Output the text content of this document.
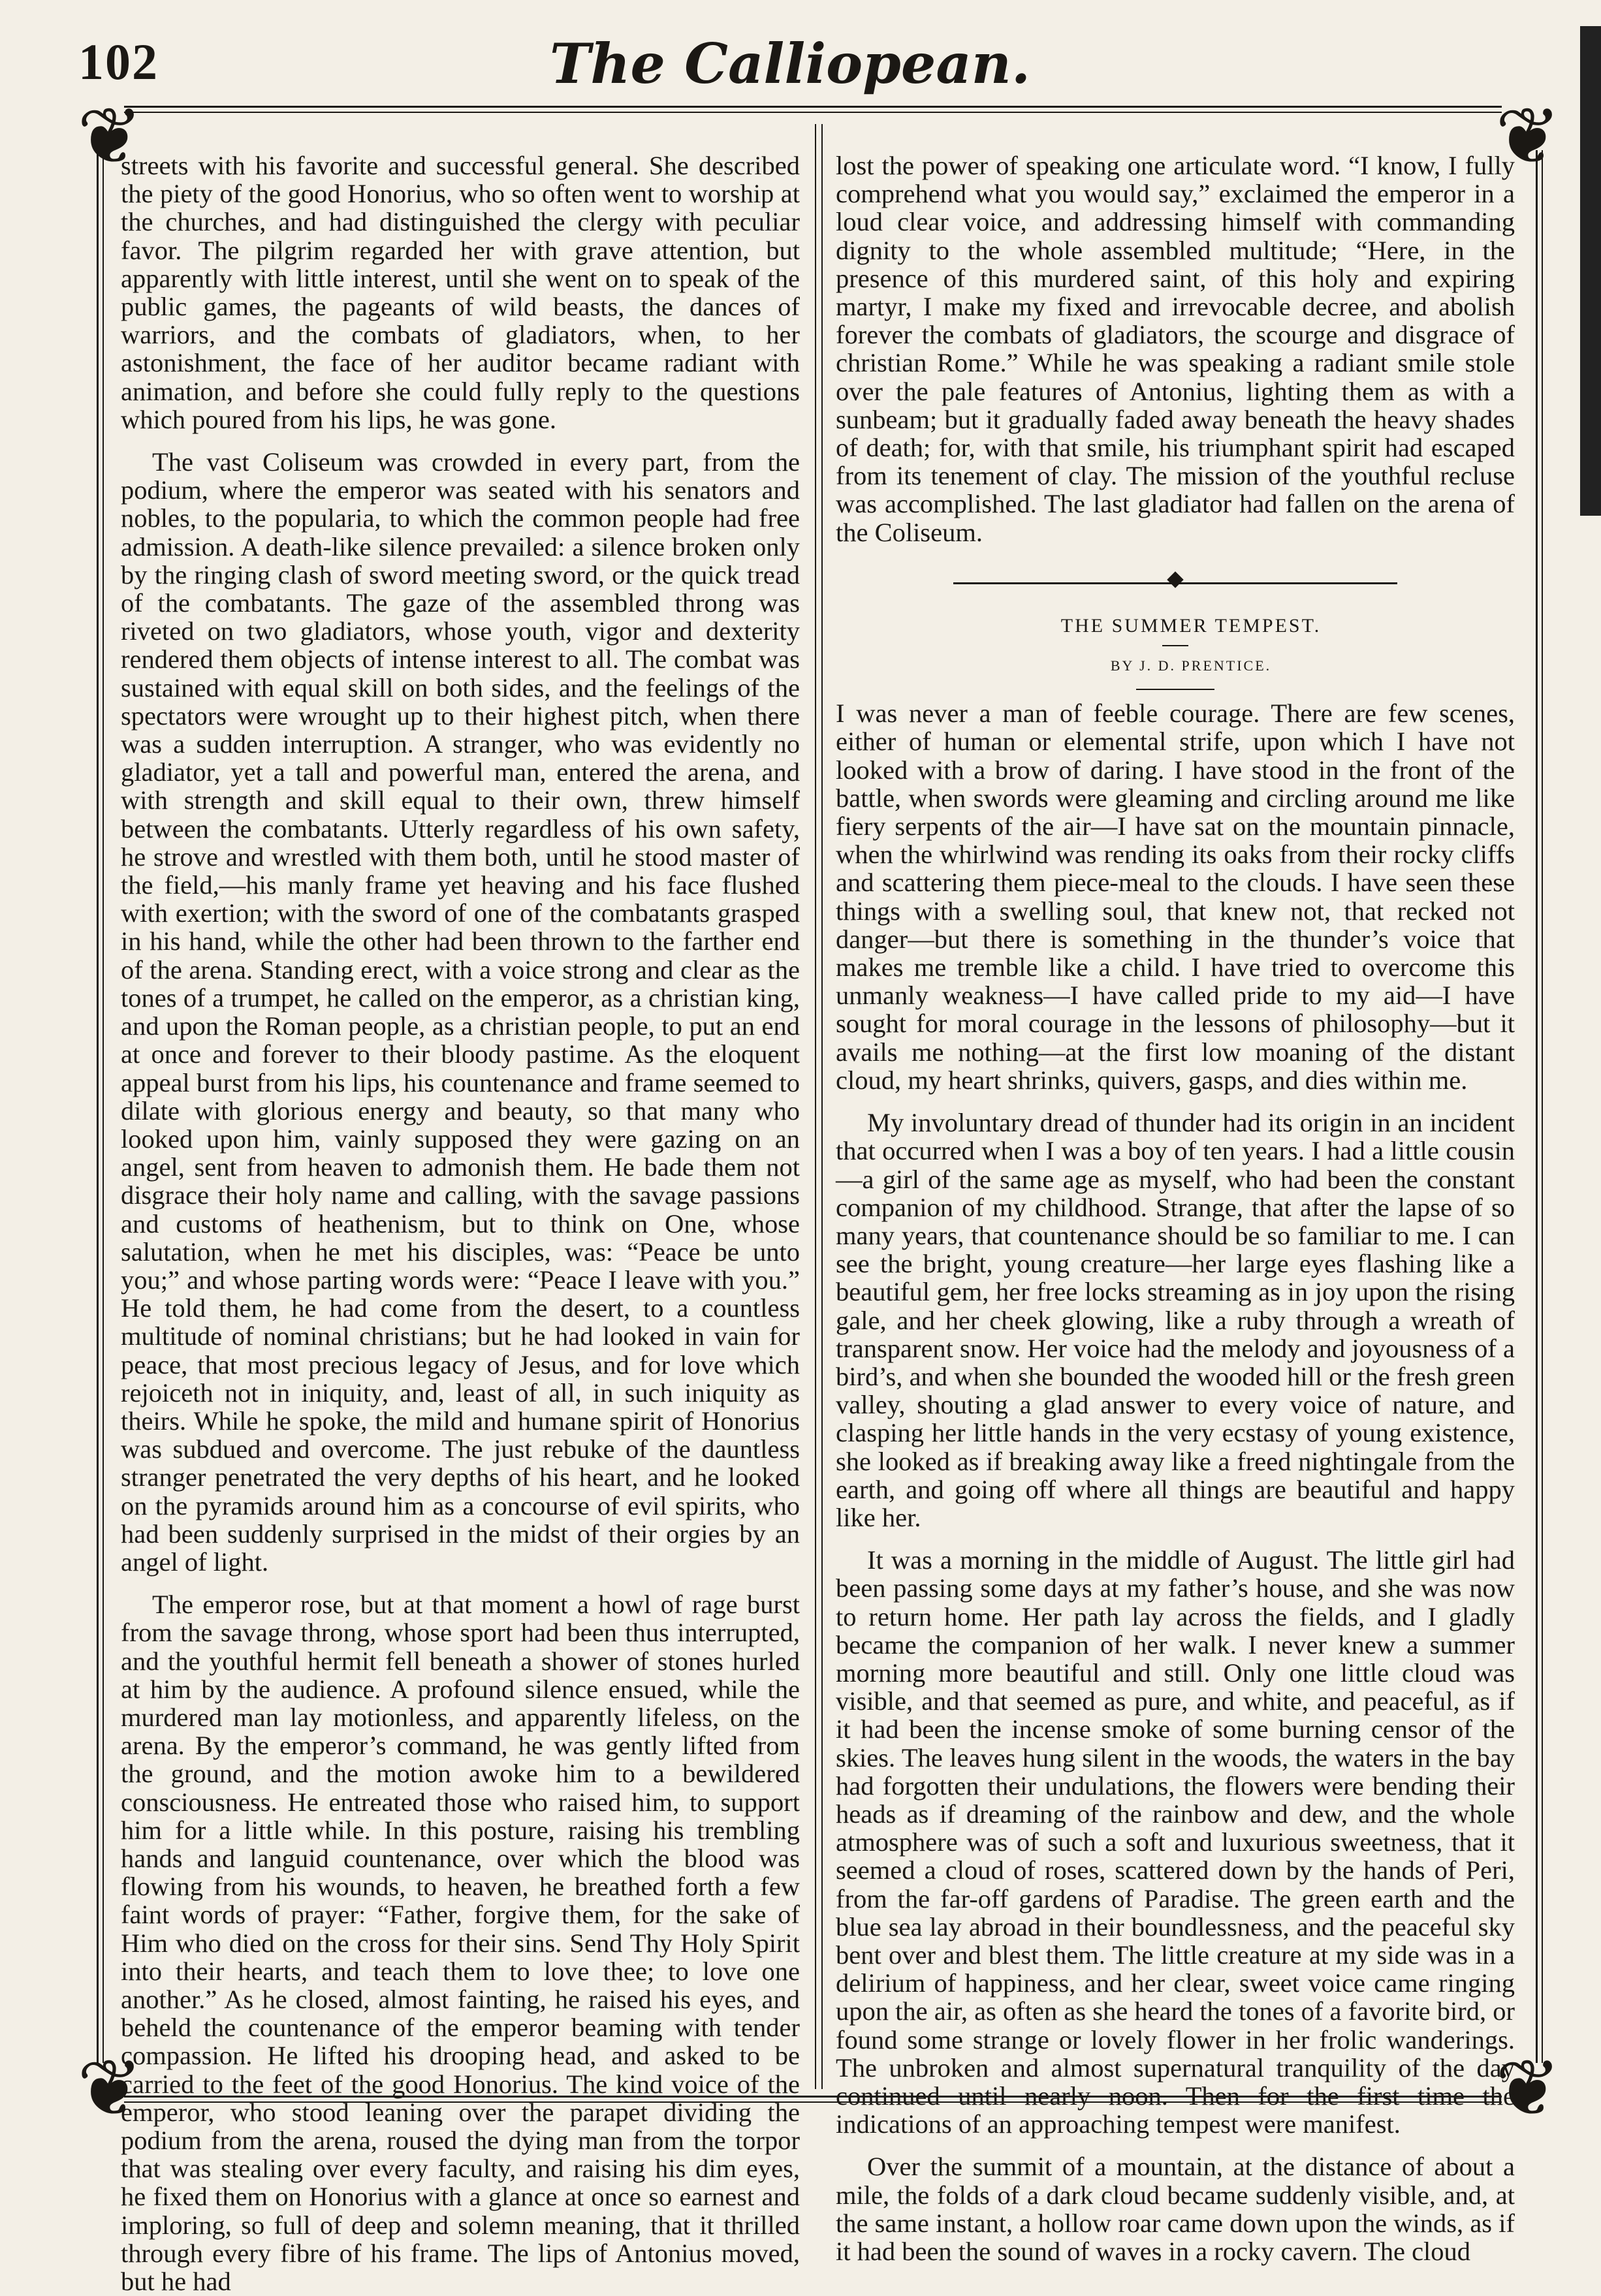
102	The Calliopean.
❦	❦
❦	❦

streets with his favorite and successful general. She described the piety of the good Honorius, who so often went to worship at the churches, and had distinguished the clergy with peculiar favor. The pilgrim regarded her with grave attention, but apparently with little interest, until she went on to speak of the public games, the pageants of wild beasts, the dances of warriors, and the combats of gladiators, when, to her astonishment, the face of her auditor became radiant with animation, and before she could fully reply to the questions which poured from his lips, he was gone.

The vast Coliseum was crowded in every part, from the podium, where the emperor was seated with his senators and nobles, to the popularia, to which the common people had free admission. A death-like silence prevailed: a silence broken only by the ringing clash of sword meeting sword, or the quick tread of the combatants. The gaze of the assembled throng was riveted on two gladiators, whose youth, vigor and dexterity rendered them objects of intense interest to all. The combat was sustained with equal skill on both sides, and the feelings of the spectators were wrought up to their highest pitch, when there was a sudden interruption. A stranger, who was evidently no gladiator, yet a tall and powerful man, entered the arena, and with strength and skill equal to their own, threw himself between the combatants. Utterly regardless of his own safety, he strove and wrestled with them both, until he stood master of the field,—his manly frame yet heaving and his face flushed with exertion; with the sword of one of the combatants grasped in his hand, while the other had been thrown to the farther end of the arena. Standing erect, with a voice strong and clear as the tones of a trumpet, he called on the emperor, as a christian king, and upon the Roman people, as a christian people, to put an end at once and forever to their bloody pastime. As the eloquent appeal burst from his lips, his countenance and frame seemed to dilate with glorious energy and beauty, so that many who looked upon him, vainly supposed they were gazing on an angel, sent from heaven to admonish them. He bade them not disgrace their holy name and calling, with the savage passions and customs of heathenism, but to think on One, whose salutation, when he met his disciples, was: “Peace be unto you;” and whose parting words were: “Peace I leave with you.” He told them, he had come from the desert, to a countless multitude of nominal christians; but he had looked in vain for peace, that most precious legacy of Jesus, and for love which rejoiceth not in iniquity, and, least of all, in such iniquity as theirs. While he spoke, the mild and humane spirit of Honorius was subdued and overcome. The just rebuke of the dauntless stranger penetrated the very depths of his heart, and he looked on the pyramids around him as a concourse of evil spirits, who had been suddenly surprised in the midst of their orgies by an angel of light.

The emperor rose, but at that moment a howl of rage burst from the savage throng, whose sport had been thus interrupted, and the youthful hermit fell beneath a shower of stones hurled at him by the audience. A profound silence ensued, while the murdered man lay motionless, and apparently lifeless, on the arena. By the emperor’s command, he was gently lifted from the ground, and the motion awoke him to a bewildered consciousness. He entreated those who raised him, to support him for a little while. In this posture, raising his trembling hands and languid countenance, over which the blood was flowing from his wounds, to heaven, he breathed forth a few faint words of prayer: “Father, forgive them, for the sake of Him who died on the cross for their sins. Send Thy Holy Spirit into their hearts, and teach them to love thee; to love one another.” As he closed, almost fainting, he raised his eyes, and beheld the countenance of the emperor beaming with tender compassion. He lifted his drooping head, and asked to be carried to the feet of the good Honorius. The kind voice of the emperor, who stood leaning over the parapet dividing the podium from the arena, roused the dying man from the torpor that was stealing over every faculty, and raising his dim eyes, he fixed them on Honorius with a glance at once so earnest and imploring, so full of deep and solemn meaning, that it thrilled through every fibre of his frame. The lips of Antonius moved, but he had

lost the power of speaking one articulate word. “I know, I fully comprehend what you would say,” exclaimed the emperor in a loud clear voice, and addressing himself with commanding dignity to the whole assembled multitude; “Here, in the presence of this murdered saint, of this holy and expiring martyr, I make my fixed and irrevocable decree, and abolish forever the combats of gladiators, the scourge and disgrace of christian Rome.” While he was speaking a radiant smile stole over the pale features of Antonius, lighting them as with a sunbeam; but it gradually faded away beneath the heavy shades of death; for, with that smile, his triumphant spirit had escaped from its tenement of clay. The mission of the youthful recluse was accomplished. The last gladiator had fallen on the arena of the Coliseum.

THE SUMMER TEMPEST.

BY J. D. PRENTICE.

I was never a man of feeble courage. There are few scenes, either of human or elemental strife, upon which I have not looked with a brow of daring. I have stood in the front of the battle, when swords were gleaming and circling around me like fiery serpents of the air—I have sat on the mountain pinnacle, when the whirlwind was rending its oaks from their rocky cliffs and scattering them piece-meal to the clouds. I have seen these things with a swelling soul, that knew not, that recked not danger—but there is something in the thunder’s voice that makes me tremble like a child. I have tried to overcome this unmanly weakness—I have called pride to my aid—I have sought for moral courage in the lessons of philosophy—but it avails me nothing—at the first low moaning of the distant cloud, my heart shrinks, quivers, gasps, and dies within me.

My involuntary dread of thunder had its origin in an incident that occurred when I was a boy of ten years. I had a little cousin—a girl of the same age as myself, who had been the constant companion of my childhood. Strange, that after the lapse of so many years, that countenance should be so familiar to me. I can see the bright, young creature—her large eyes flashing like a beautiful gem, her free locks streaming as in joy upon the rising gale, and her cheek glowing, like a ruby through a wreath of transparent snow. Her voice had the melody and joyousness of a bird’s, and when she bounded the wooded hill or the fresh green valley, shouting a glad answer to every voice of nature, and clasping her little hands in the very ecstasy of young existence, she looked as if breaking away like a freed nightingale from the earth, and going off where all things are beautiful and happy like her.

It was a morning in the middle of August. The little girl had been passing some days at my father’s house, and she was now to return home. Her path lay across the fields, and I gladly became the companion of her walk. I never knew a summer morning more beautiful and still. Only one little cloud was visible, and that seemed as pure, and white, and peaceful, as if it had been the incense smoke of some burning censor of the skies. The leaves hung silent in the woods, the waters in the bay had forgotten their undulations, the flowers were bending their heads as if dreaming of the rainbow and dew, and the whole atmosphere was of such a soft and luxurious sweetness, that it seemed a cloud of roses, scattered down by the hands of Peri, from the far-off gardens of Paradise. The green earth and the blue sea lay abroad in their boundlessness, and the peaceful sky bent over and blest them. The little creature at my side was in a delirium of happiness, and her clear, sweet voice came ringing upon the air, as often as she heard the tones of a favorite bird, or found some strange or lovely flower in her frolic wanderings. The unbroken and almost supernatural tranquility of the day continued until nearly noon. Then for the first time the indications of an approaching tempest were manifest.

Over the summit of a mountain, at the distance of about a mile, the folds of a dark cloud became suddenly visible, and, at the same instant, a hollow roar came down upon the winds, as if it had been the sound of waves in a rocky cavern. The cloud
